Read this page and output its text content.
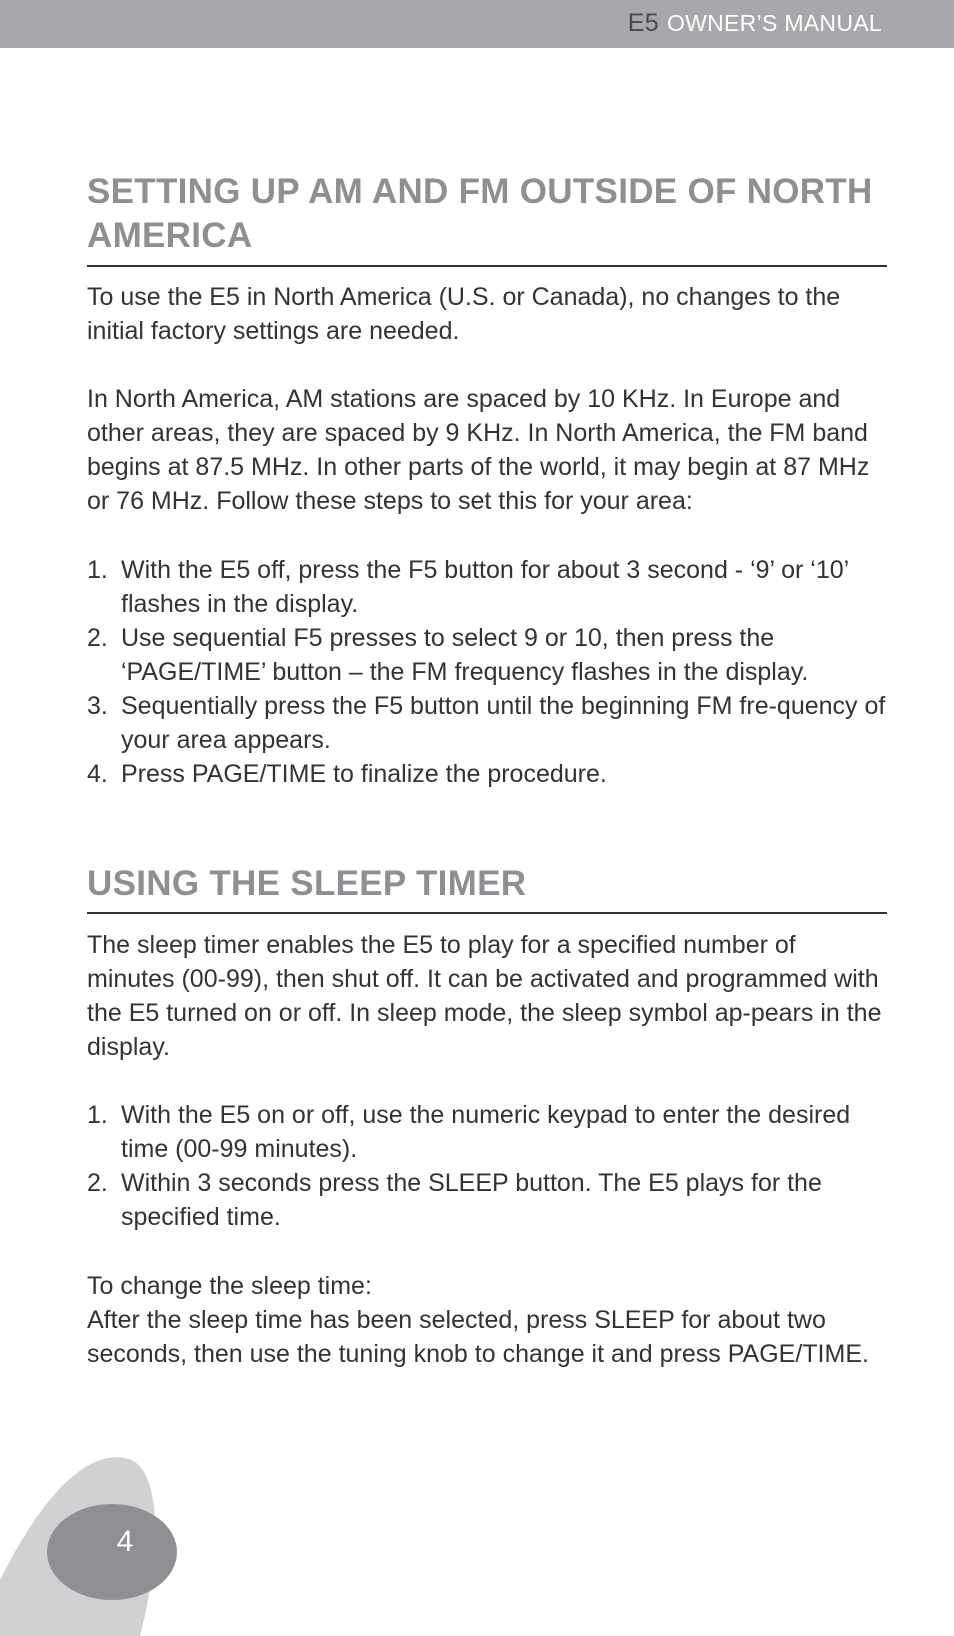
E5 OWNER’S MANUAL
SETTING UP AM AND FM OUTSIDE OF NORTH AMERICA

To use the E5 in North America (U.S. or Canada), no changes to the initial factory settings are needed.

In North America, AM stations are spaced by 10 KHz. In Europe and other areas, they are spaced by 9 KHz. In North America, the FM band begins at 87.5 MHz. In other parts of the world, it may begin at 87 MHz or 76 MHz. Follow these steps to set this for your area:

1. With the E5 off, press the F5 button for about 3 second - ‘9’ or ‘10’ flashes in the display.
2. Use sequential F5 presses to select 9 or 10, then press the ‘PAGE/TIME’ button – the FM frequency flashes in the display.
3. Sequentially press the F5 button until the beginning FM fre-quency of your area appears.
4. Press PAGE/TIME to finalize the procedure.
USING THE SLEEP TIMER

The sleep timer enables the E5 to play for a specified number of minutes (00-99), then shut off. It can be activated and programmed with the E5 turned on or off. In sleep mode, the sleep symbol ap-pears in the display.

1. With the E5 on or off, use the numeric keypad to enter the desired time (00-99 minutes).
2. Within 3 seconds press the SLEEP button. The E5 plays for the specified time.

To change the sleep time:

After the sleep time has been selected, press SLEEP for about two seconds, then use the tuning knob to change it and press PAGE/TIME.

4
